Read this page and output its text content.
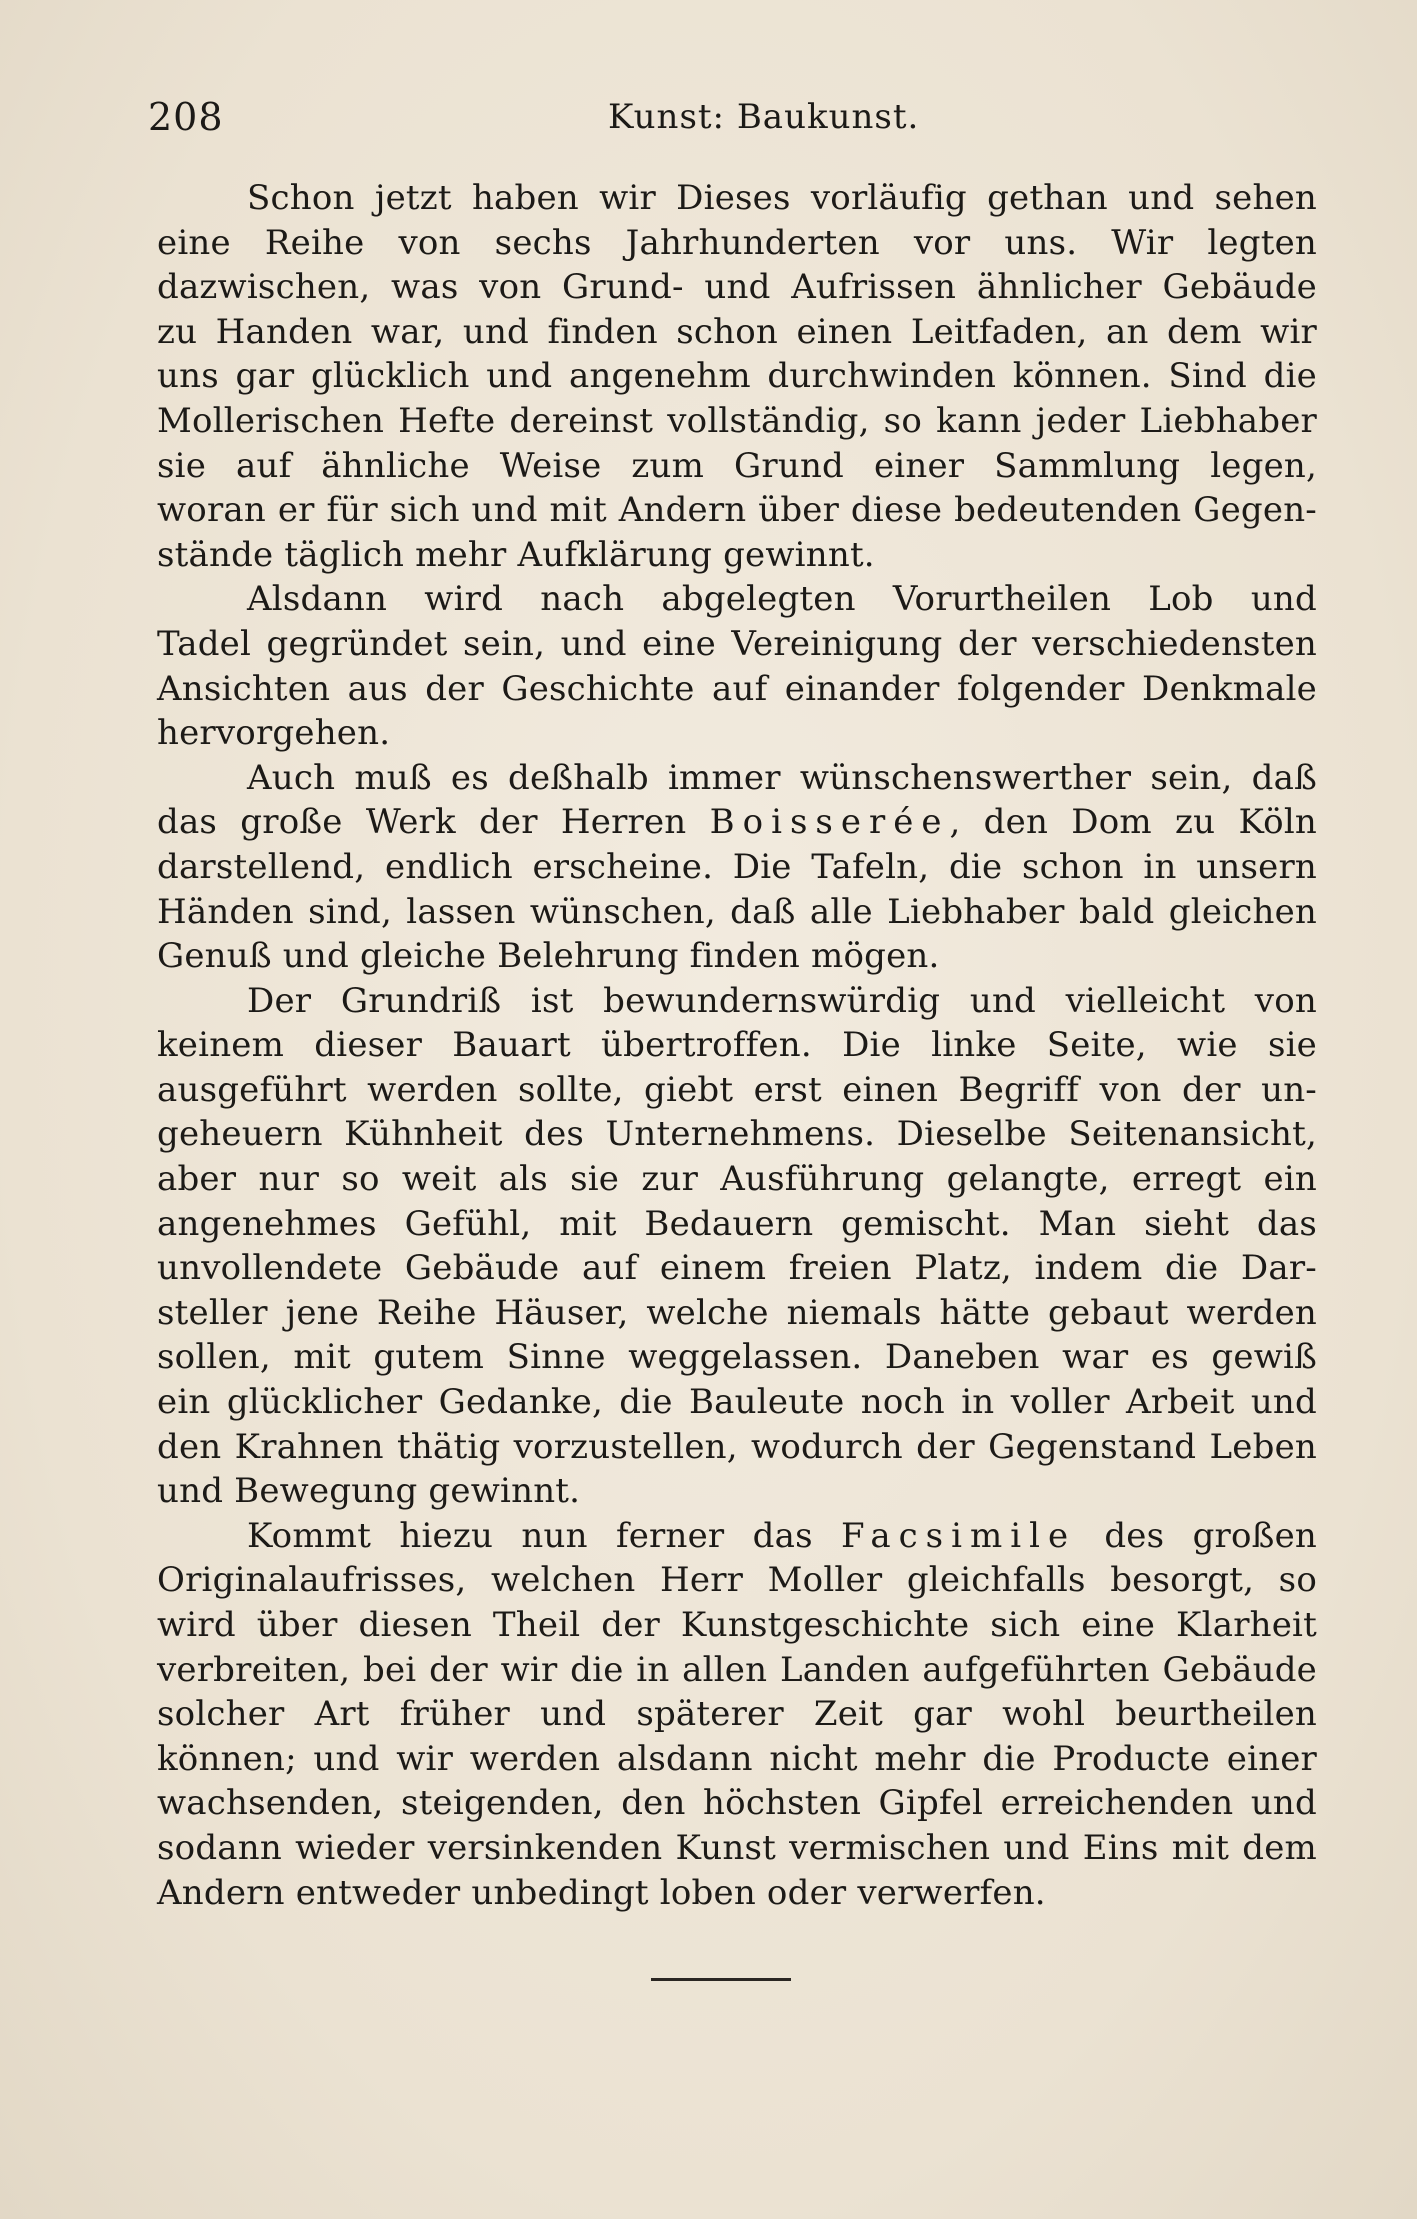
208	Kunst: Baukunst.
Schon jetzt haben wir Dieses vorläufig gethan und sehen
eine Reihe von sechs Jahrhunderten vor uns. Wir legten
dazwischen, was von Grund- und Aufrissen ähnlicher Gebäude
zu Handen war, und finden schon einen Leitfaden, an dem wir
uns gar glücklich und angenehm durchwinden können. Sind die
Mollerischen Hefte dereinst vollständig, so kann jeder Liebhaber
sie auf ähnliche Weise zum Grund einer Sammlung legen,
woran er für sich und mit Andern über diese bedeutenden Gegen-
stände täglich mehr Aufklärung gewinnt.
Alsdann wird nach abgelegten Vorurtheilen Lob und
Tadel gegründet sein, und eine Vereinigung der verschiedensten
Ansichten aus der Geschichte auf einander folgender Denkmale
hervorgehen.
Auch muß es deßhalb immer wünschenswerther sein, daß
das große Werk der Herren Boisserée, den Dom zu Köln
darstellend, endlich erscheine. Die Tafeln, die schon in unsern
Händen sind, lassen wünschen, daß alle Liebhaber bald gleichen
Genuß und gleiche Belehrung finden mögen.
Der Grundriß ist bewundernswürdig und vielleicht von
keinem dieser Bauart übertroffen. Die linke Seite, wie sie
ausgeführt werden sollte, giebt erst einen Begriff von der un-
geheuern Kühnheit des Unternehmens. Dieselbe Seitenansicht,
aber nur so weit als sie zur Ausführung gelangte, erregt ein
angenehmes Gefühl, mit Bedauern gemischt. Man sieht das
unvollendete Gebäude auf einem freien Platz, indem die Dar-
steller jene Reihe Häuser, welche niemals hätte gebaut werden
sollen, mit gutem Sinne weggelassen. Daneben war es gewiß
ein glücklicher Gedanke, die Bauleute noch in voller Arbeit und
den Krahnen thätig vorzustellen, wodurch der Gegenstand Leben
und Bewegung gewinnt.
Kommt hiezu nun ferner das Facsimile des großen
Originalaufrisses, welchen Herr Moller gleichfalls besorgt, so
wird über diesen Theil der Kunstgeschichte sich eine Klarheit
verbreiten, bei der wir die in allen Landen aufgeführten Gebäude
solcher Art früher und späterer Zeit gar wohl beurtheilen
können; und wir werden alsdann nicht mehr die Producte einer
wachsenden, steigenden, den höchsten Gipfel erreichenden und
sodann wieder versinkenden Kunst vermischen und Eins mit dem
Andern entweder unbedingt loben oder verwerfen.
